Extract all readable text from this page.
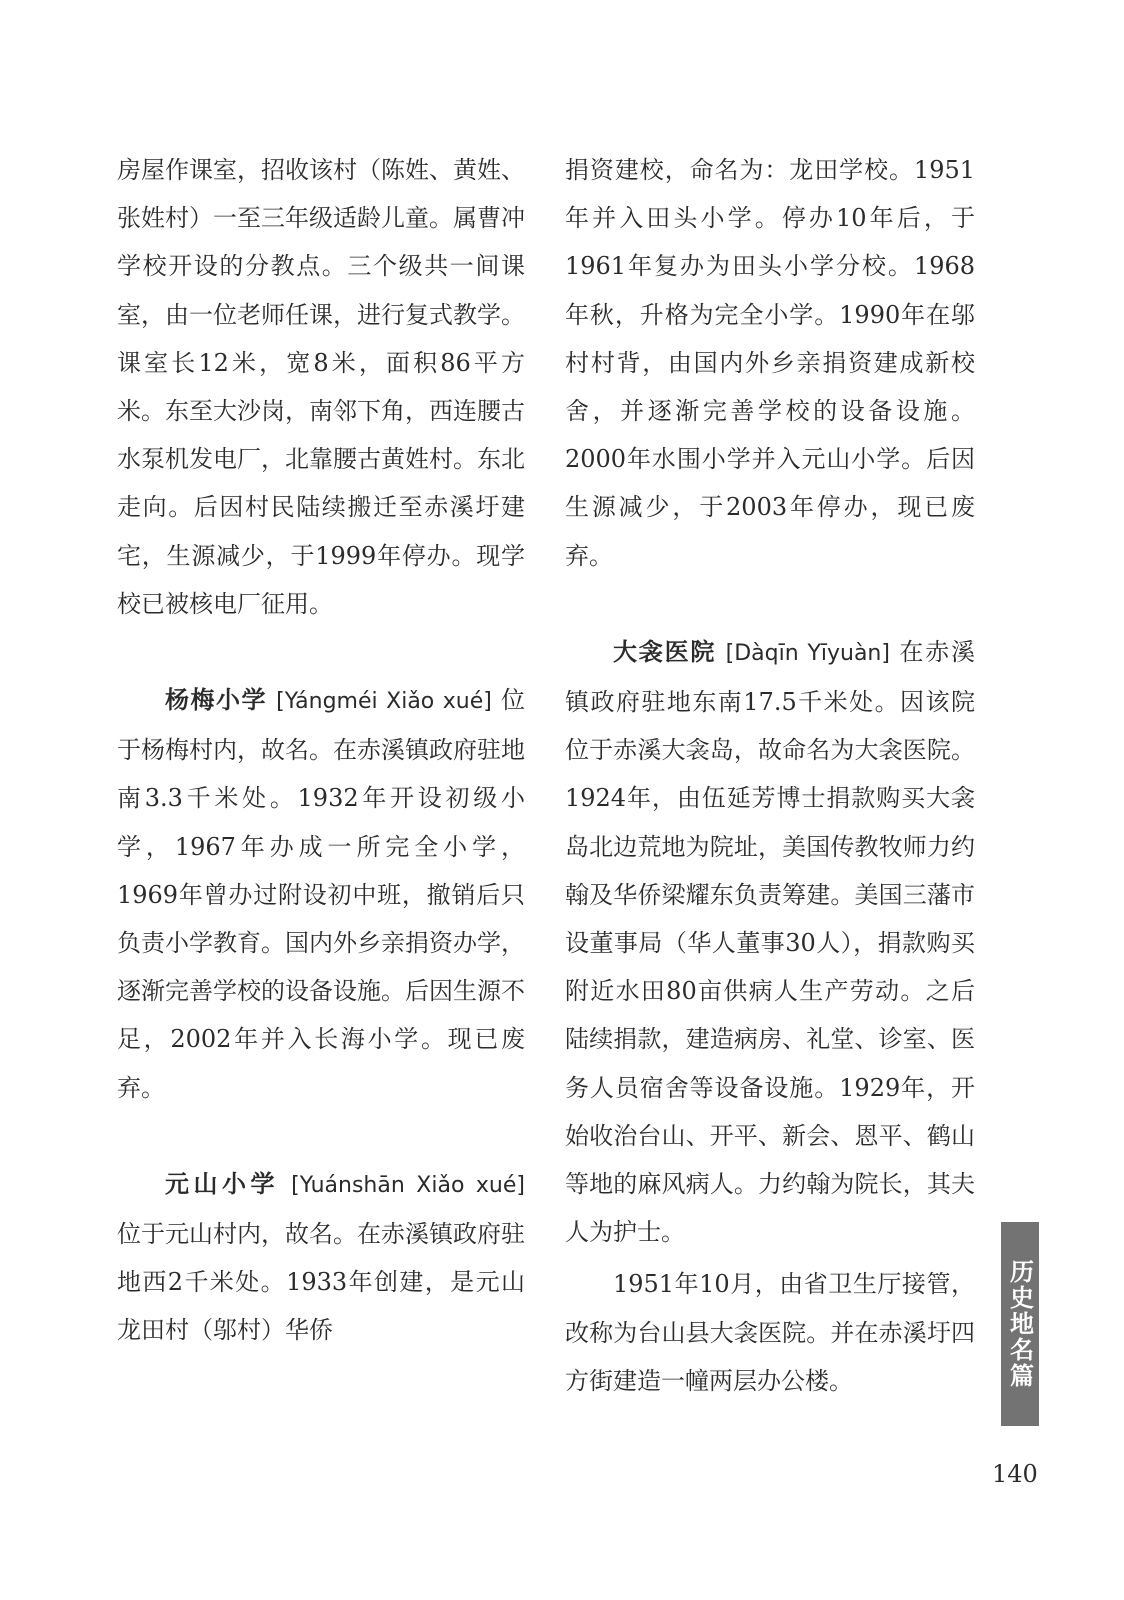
房屋作课室，招收该村（陈姓、黄姓、张姓村）一至三年级适龄儿童。属曹冲学校开设的分教点。三个级共一间课室，由一位老师任课，进行复式教学。课室长12米，宽8米，面积86平方米。东至大沙岗，南邻下角，西连腰古水泵机发电厂，北靠腰古黄姓村。东北走向。后因村民陆续搬迁至赤溪圩建宅，生源减少，于1999年停办。现学校已被核电厂征用。

杨梅小学 [Yángméi Xiǎo xué] 位于杨梅村内，故名。在赤溪镇政府驻地南3.3千米处。1932年开设初级小学，1967年办成一所完全小学，1969年曾办过附设初中班，撤销后只负责小学教育。国内外乡亲捐资办学，逐渐完善学校的设备设施。后因生源不足，2002年并入长海小学。现已废弃。

元山小学 [Yuánshān Xiǎo xué] 位于元山村内，故名。在赤溪镇政府驻地西2千米处。1933年创建，是元山龙田村（邬村）华侨

捐资建校，命名为：龙田学校。1951年并入田头小学。停办10年后，于1961年复办为田头小学分校。1968年秋，升格为完全小学。1990年在邬村村背，由国内外乡亲捐资建成新校舍，并逐渐完善学校的设备设施。2000年水围小学并入元山小学。后因生源减少，于2003年停办，现已废弃。

大衾医院 [Dàqīn Yīyuàn] 在赤溪镇政府驻地东南17.5千米处。因该院位于赤溪大衾岛，故命名为大衾医院。1924年，由伍延芳博士捐款购买大衾岛北边荒地为院址，美国传教牧师力约翰及华侨梁耀东负责筹建。美国三藩市设董事局（华人董事30人），捐款购买附近水田80亩供病人生产劳动。之后陆续捐款，建造病房、礼堂、诊室、医务人员宿舍等设备设施。1929年，开始收治台山、开平、新会、恩平、鹤山等地的麻风病人。力约翰为院长，其夫人为护士。

1951年10月，由省卫生厅接管，改称为台山县大衾医院。并在赤溪圩四方街建造一幢两层办公楼。	历史地名篇
140
